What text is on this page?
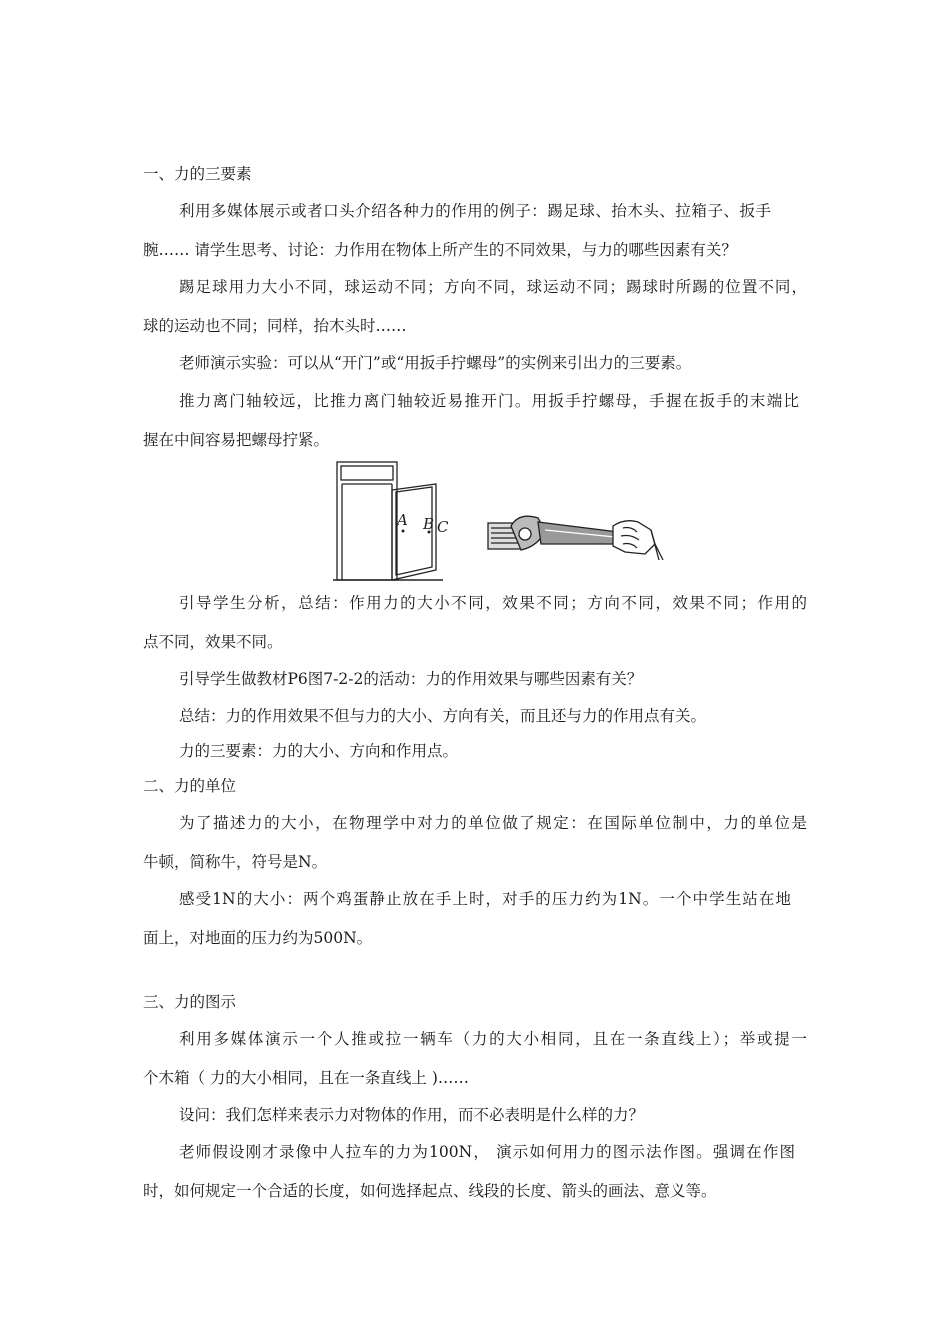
一、力的三要素
利用多媒体展示或者口头介绍各种力的作用的例子：踢足球、抬木头、拉箱子、扳手
腕…… 请学生思考、讨论：力作用在物体上所产生的不同效果，与力的哪些因素有关？
踢足球用力大小不同，球运动不同；方向不同，球运动不同；踢球时所踢的位置不同，
球的运动也不同；同样，抬木头时……
老师演示实验：可以从“开门”或“用扳手拧螺母”的实例来引出力的三要素。
推力离门轴较远，比推力离门轴较近易推开门。用扳手拧螺母，手握在扳手的末端比
握在中间容易把螺母拧紧。
A B C
引导学生分析，总结：作用力的大小不同，效果不同；方向不同，效果不同；作用的
点不同，效果不同。
引导学生做教材P6图7-2-2的活动：力的作用效果与哪些因素有关？
总结：力的作用效果不但与力的大小、方向有关，而且还与力的作用点有关。
力的三要素：力的大小、方向和作用点。
二、力的单位
为了描述力的大小，在物理学中对力的单位做了规定：在国际单位制中，力的单位是
牛顿，简称牛，符号是N。
感受1N的大小：两个鸡蛋静止放在手上时，对手的压力约为1N。一个中学生站在地
面上，对地面的压力约为500N。
三、力的图示
利用多媒体演示一个人推或拉一辆车（力的大小相同，且在一条直线上）；举或提一
个木箱（ 力的大小相同，且在一条直线上 )……
设问：我们怎样来表示力对物体的作用，而不必表明是什么样的力？
老师假设刚才录像中人拉车的力为100N， 演示如何用力的图示法作图。强调在作图
时，如何规定一个合适的长度，如何选择起点、线段的长度、箭头的画法、意义等。
